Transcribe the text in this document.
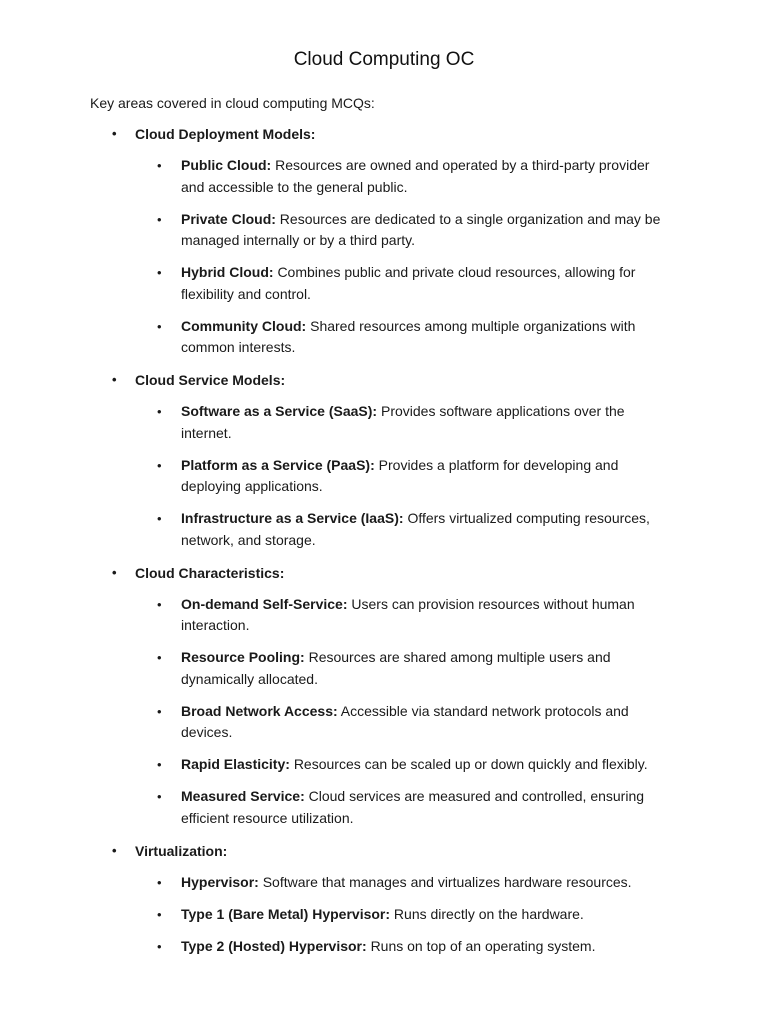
Cloud Computing OC
Key areas covered in cloud computing MCQs:
• Cloud Deployment Models:
• Public Cloud: Resources are owned and operated by a third-party provider and accessible to the general public.
• Private Cloud: Resources are dedicated to a single organization and may be managed internally or by a third party.
• Hybrid Cloud: Combines public and private cloud resources, allowing for flexibility and control.
• Community Cloud: Shared resources among multiple organizations with common interests.
• Cloud Service Models:
• Software as a Service (SaaS): Provides software applications over the internet.
• Platform as a Service (PaaS): Provides a platform for developing and deploying applications.
• Infrastructure as a Service (IaaS): Offers virtualized computing resources, network, and storage.
• Cloud Characteristics:
• On-demand Self-Service: Users can provision resources without human interaction.
• Resource Pooling: Resources are shared among multiple users and dynamically allocated.
• Broad Network Access: Accessible via standard network protocols and devices.
• Rapid Elasticity: Resources can be scaled up or down quickly and flexibly.
• Measured Service: Cloud services are measured and controlled, ensuring efficient resource utilization.
• Virtualization:
• Hypervisor: Software that manages and virtualizes hardware resources.
• Type 1 (Bare Metal) Hypervisor: Runs directly on the hardware.
• Type 2 (Hosted) Hypervisor: Runs on top of an operating system.
